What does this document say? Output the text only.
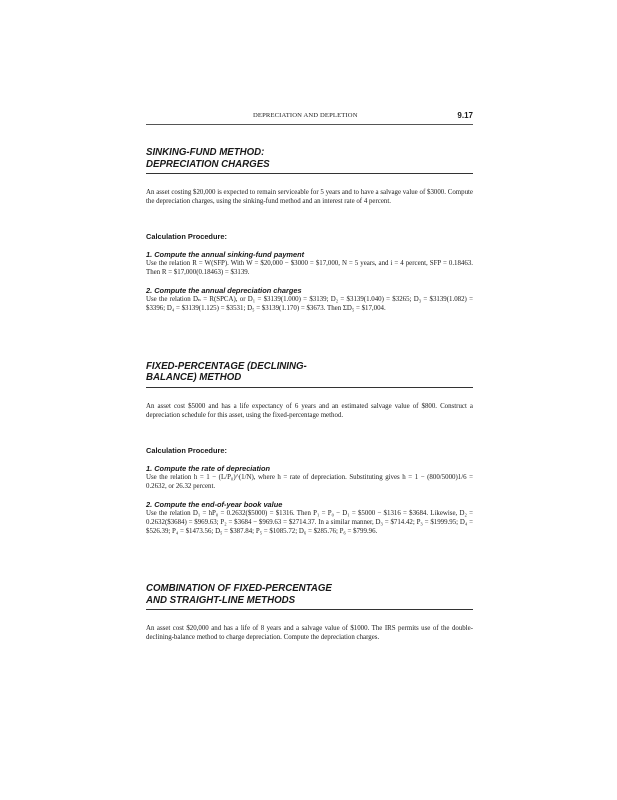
DEPRECIATION AND DEPLETION	9.17
SINKING-FUND METHOD:
DEPRECIATION CHARGES

An asset costing $20,000 is expected to remain serviceable for 5 years and to have a salvage value of $3000. Compute the depreciation charges, using the sinking-fund method and an interest rate of 4 percent.

Calculation Procedure:
1. Compute the annual sinking-fund payment

Use the relation R = W(SFP). With W = $20,000 − $3000 = $17,000, N = 5 years, and i = 4 percent, SFP = 0.18463. Then R = $17,000(0.18463) = $3139.

2. Compute the annual depreciation charges

Use the relation Dₙ = R(SPCA), or D₁ = $3139(1.000) = $3139; D₂ = $3139(1.040) = $3265; D₃ = $3139(1.082) = $3396; D₄ = $3139(1.125) = $3531; D₅ = $3139(1.170) = $3673. Then ΣD₅ = $17,004.

FIXED-PERCENTAGE (DECLINING-
BALANCE) METHOD

An asset cost $5000 and has a life expectancy of 6 years and an estimated salvage value of $800. Construct a depreciation schedule for this asset, using the fixed-percentage method.

Calculation Procedure:
1. Compute the rate of depreciation

Use the relation h = 1 − (L/P₀)^(1/N), where h = rate of depreciation. Substituting gives h = 1 − (800/5000)1/6 = 0.2632, or 26.32 percent.

2. Compute the end-of-year book value

Use the relation D₁ = hP₀ = 0.2632($5000) = $1316. Then P₁ = P₀ − D₁ = $5000 − $1316 = $3684. Likewise, D₂ = 0.2632($3684) = $969.63; P₂ = $3684 − $969.63 = $2714.37. In a similar manner, D₃ = $714.42; P₃ = $1999.95; D₄ = $526.39; P₄ = $1473.56; D₅ = $387.84; P₅ = $1085.72; D₆ = $285.76; P₆ = $799.96.

COMBINATION OF FIXED-PERCENTAGE
AND STRAIGHT-LINE METHODS

An asset cost $20,000 and has a life of 8 years and a salvage value of $1000. The IRS permits use of the double-declining-balance method to charge depreciation. Compute the depreciation charges.
